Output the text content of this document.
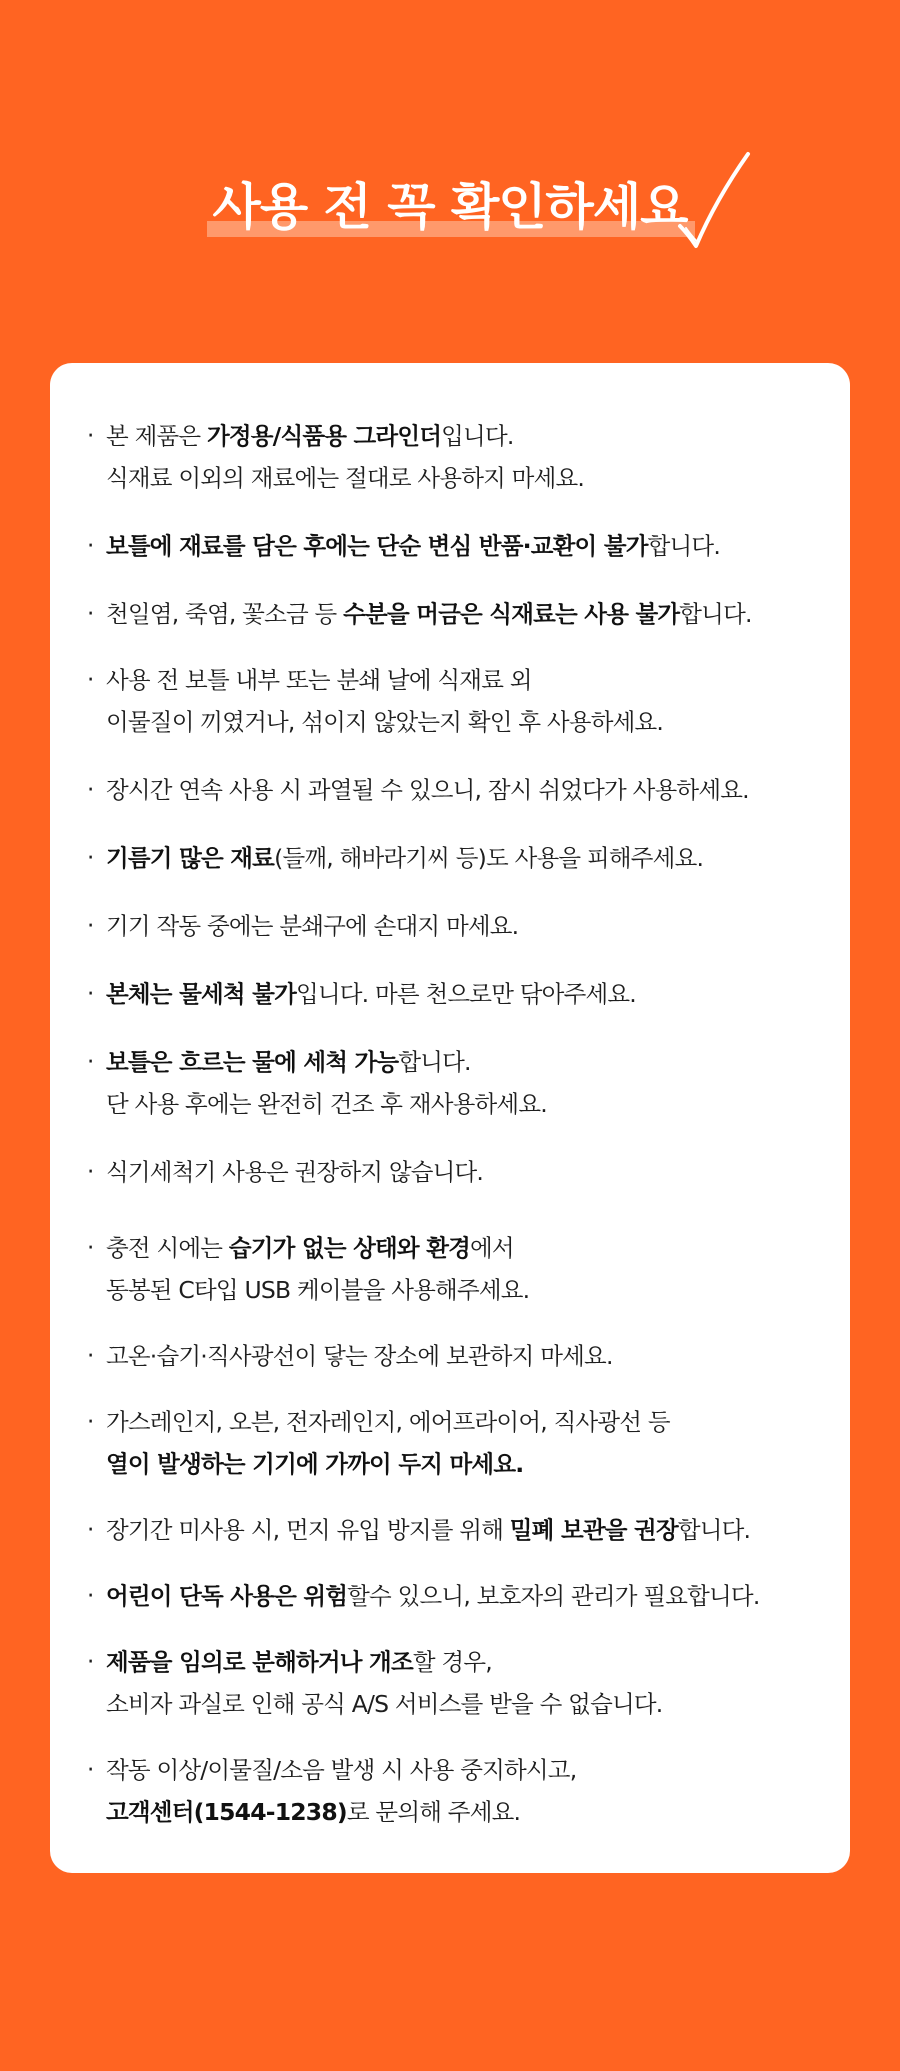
사용 전 꼭 확인하세요
· 본 제품은 가정용/식품용 그라인더입니다.
식재료 이외의 재료에는 절대로 사용하지 마세요.
· 보틀에 재료를 담은 후에는 단순 변심 반품·교환이 불가합니다.
· 천일염, 죽염, 꽃소금 등 수분을 머금은 식재료는 사용 불가합니다.
· 사용 전 보틀 내부 또는 분쇄 날에 식재료 외
이물질이 끼였거나, 섞이지 않았는지 확인 후 사용하세요.
· 장시간 연속 사용 시 과열될 수 있으니, 잠시 쉬었다가 사용하세요.
· 기름기 많은 재료(들깨, 해바라기씨 등)도 사용을 피해주세요.
· 기기 작동 중에는 분쇄구에 손대지 마세요.
· 본체는 물세척 불가입니다. 마른 천으로만 닦아주세요.
· 보틀은 흐르는 물에 세척 가능합니다.
단 사용 후에는 완전히 건조 후 재사용하세요.
· 식기세척기 사용은 권장하지 않습니다.
· 충전 시에는 습기가 없는 상태와 환경에서
동봉된 C타입 USB 케이블을 사용해주세요.
· 고온·습기·직사광선이 닿는 장소에 보관하지 마세요.
· 가스레인지, 오븐, 전자레인지, 에어프라이어, 직사광선 등
열이 발생하는 기기에 가까이 두지 마세요.
· 장기간 미사용 시, 먼지 유입 방지를 위해 밀폐 보관을 권장합니다.
· 어린이 단독 사용은 위험할수 있으니, 보호자의 관리가 필요합니다.
· 제품을 임의로 분해하거나 개조할 경우,
소비자 과실로 인해 공식 A/S 서비스를 받을 수 없습니다.
· 작동 이상/이물질/소음 발생 시 사용 중지하시고,
고객센터(1544-1238)로 문의해 주세요.
